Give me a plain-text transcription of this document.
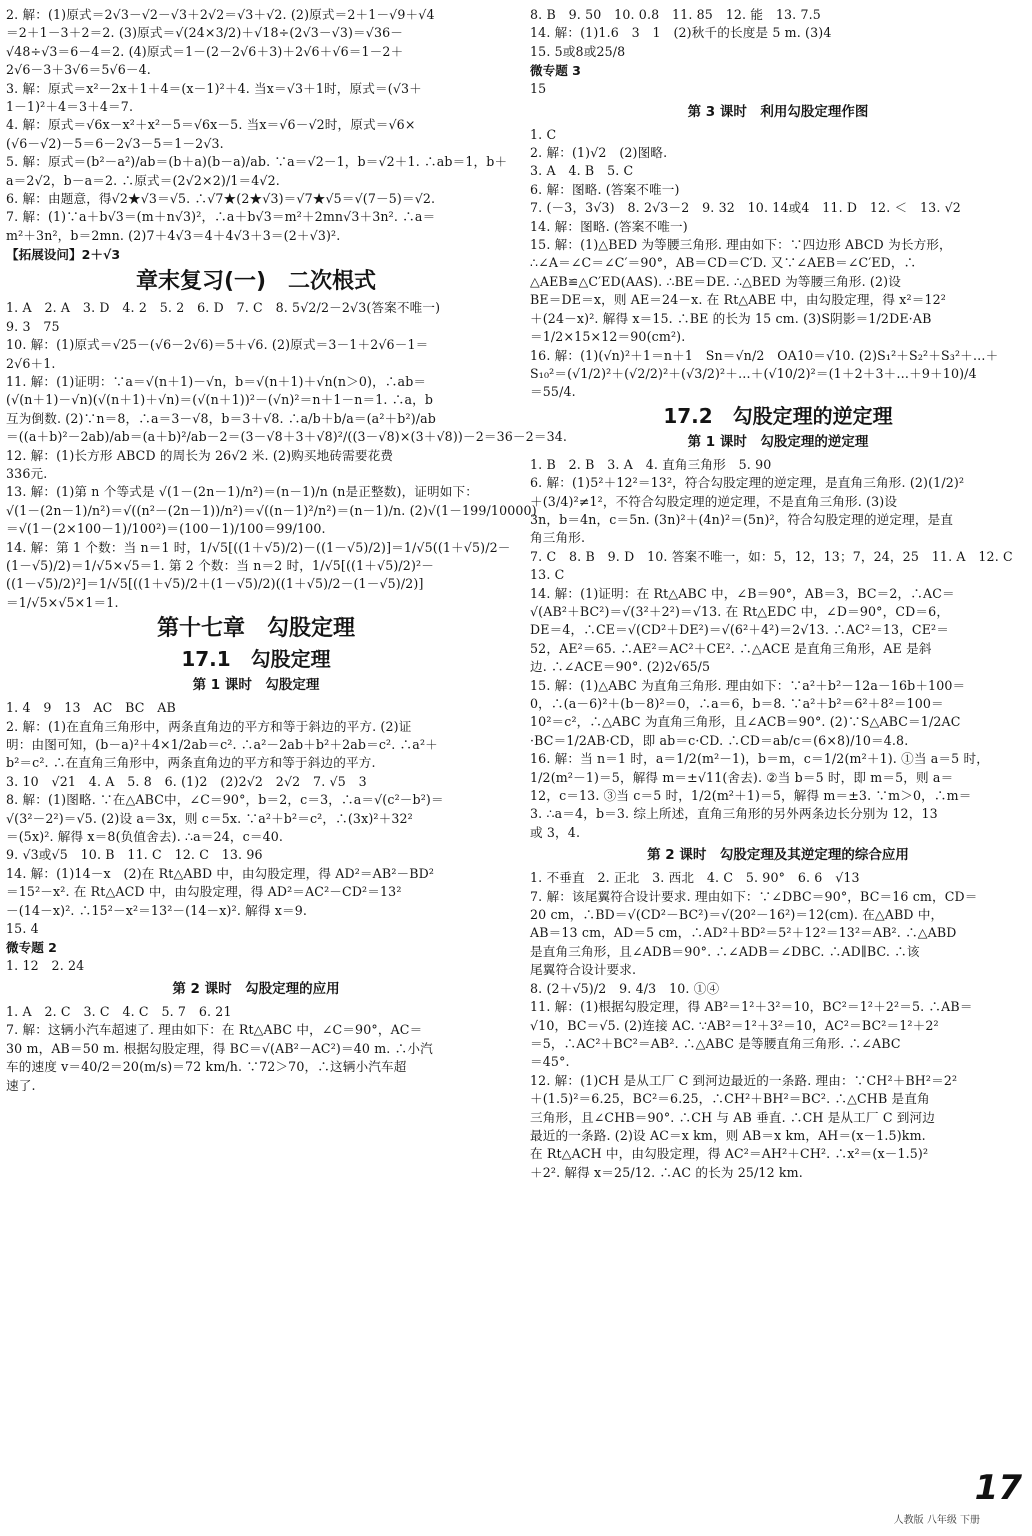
2. 解：(1)原式＝2√3－√2－√3＋2√2＝√3＋√2. (2)原式＝2＋1－√9＋√4
＝2＋1－3＋2＝2. (3)原式＝√(24×3/2)＋√18÷(2√3－√3)＝√36－
√48÷√3＝6－4＝2. (4)原式＝1－(2－2√6＋3)＋2√6＋√6＝1－2＋
2√6－3＋3√6＝5√6－4.
3. 解：原式＝x²－2x＋1＋4＝(x－1)²＋4. 当x＝√3＋1时，原式＝(√3＋
1－1)²＋4＝3＋4＝7.
4. 解：原式＝√6x－x²＋x²－5＝√6x－5. 当x＝√6－√2时，原式＝√6×
(√6－√2)－5＝6－2√3－5＝1－2√3.
5. 解：原式＝(b²－a²)/ab＝(b＋a)(b－a)/ab. ∵a＝√2－1，b＝√2＋1. ∴ab＝1，b＋
a＝2√2，b－a＝2. ∴原式＝(2√2×2)/1＝4√2.
6. 解：由题意，得√2★√3＝√5. ∴√7★(2★√3)＝√7★√5＝√(7－5)＝√2.
7. 解：(1)∵a＋b√3＝(m＋n√3)²，∴a＋b√3＝m²＋2mn√3＋3n². ∴a＝
m²＋3n²，b＝2mn. (2)7＋4√3＝4＋4√3＋3＝(2＋√3)².
【拓展设问】2＋√3
章末复习(一)　二次根式
1. A　2. A　3. D　4. 2　5. 2　6. D　7. C　8. 5√2/2－2√3(答案不唯一)
9. 3　75
10. 解：(1)原式＝√25－(√6－2√6)＝5＋√6. (2)原式＝3－1＋2√6－1＝
2√6＋1.
11. 解：(1)证明：∵a＝√(n＋1)－√n，b＝√(n＋1)＋√n(n＞0)，∴ab＝
(√(n＋1)－√n)(√(n＋1)＋√n)＝(√(n＋1))²－(√n)²＝n＋1－n＝1. ∴a，b
互为倒数. (2)∵n＝8，∴a＝3－√8，b＝3＋√8. ∴a/b＋b/a＝(a²＋b²)/ab
＝((a＋b)²－2ab)/ab＝(a＋b)²/ab－2＝(3－√8＋3＋√8)²/((3－√8)×(3＋√8))－2＝36－2＝34.
12. 解：(1)长方形 ABCD 的周长为 26√2 米. (2)购买地砖需要花费
336元.
13. 解：(1)第 n 个等式是 √(1－(2n－1)/n²)＝(n－1)/n (n是正整数)，证明如下：
√(1－(2n－1)/n²)＝√((n²－(2n－1))/n²)＝√((n－1)²/n²)＝(n－1)/n. (2)√(1－199/10000)
＝√(1－(2×100－1)/100²)＝(100－1)/100＝99/100.
14. 解：第 1 个数：当 n＝1 时，1/√5[((1＋√5)/2)－((1－√5)/2)]＝1/√5((1＋√5)/2－
(1－√5)/2)＝1/√5×√5＝1. 第 2 个数：当 n＝2 时，1/√5[((1＋√5)/2)²－
((1－√5)/2)²]＝1/√5[((1＋√5)/2＋(1－√5)/2)((1＋√5)/2－(1－√5)/2)]
＝1/√5×√5×1＝1.
第十七章　勾股定理
17.1　勾股定理
第 1 课时　勾股定理
1. 4　9　13　AC　BC　AB
2. 解：(1)在直角三角形中，两条直角边的平方和等于斜边的平方. (2)证
明：由图可知，(b－a)²＋4×1/2ab＝c². ∴a²－2ab＋b²＋2ab＝c². ∴a²＋
b²＝c². ∴在直角三角形中，两条直角边的平方和等于斜边的平方.
3. 10　√21　4. A　5. 8　6. (1)2　(2)2√2　2√2　7. √5　3
8. 解：(1)图略. ∵在△ABC中，∠C＝90°，b＝2，c＝3，∴a＝√(c²－b²)＝
√(3²－2²)＝√5. (2)设 a＝3x，则 c＝5x. ∵a²＋b²＝c²，∴(3x)²＋32²
＝(5x)². 解得 x＝8(负值舍去). ∴a＝24，c＝40.
9. √3或√5　10. B　11. C　12. C　13. 96
14. 解：(1)14－x　(2)在 Rt△ABD 中，由勾股定理，得 AD²＝AB²－BD²
＝15²－x². 在 Rt△ACD 中，由勾股定理，得 AD²＝AC²－CD²＝13²
－(14－x)². ∴15²－x²＝13²－(14－x)². 解得 x＝9.
15. 4
微专题 2
1. 12　2. 24
第 2 课时　勾股定理的应用
1. A　2. C　3. C　4. C　5. 7　6. 21
7. 解：这辆小汽车超速了. 理由如下：在 Rt△ABC 中，∠C＝90°，AC＝
30 m，AB＝50 m. 根据勾股定理，得 BC＝√(AB²－AC²)＝40 m. ∴小汽
车的速度 v＝40/2＝20(m/s)＝72 km/h. ∵72＞70，∴这辆小汽车超
速了.
8. B　9. 50　10. 0.8　11. 85　12. 能　13. 7.5
14. 解：(1)1.6　3　1　(2)秋千的长度是 5 m. (3)4
15. 5或8或25/8
微专题 3
15
第 3 课时　利用勾股定理作图
1. C
2. 解：(1)√2　(2)图略.
3. A　4. B　5. C
6. 解：图略. (答案不唯一)
7. (－3，3√3)　8. 2√3－2　9. 32　10. 14或4　11. D　12. ＜　13. √2
14. 解：图略. (答案不唯一)
15. 解：(1)△BED 为等腰三角形. 理由如下：∵四边形 ABCD 为长方形，
∴∠A＝∠C＝∠C′＝90°，AB＝CD＝C′D. 又∵∠AEB＝∠C′ED，∴
△AEB≌△C′ED(AAS). ∴BE＝DE. ∴△BED 为等腰三角形. (2)设
BE＝DE＝x，则 AE＝24－x. 在 Rt△ABE 中，由勾股定理，得 x²＝12²
＋(24－x)². 解得 x＝15. ∴BE 的长为 15 cm. (3)S阴影＝1/2DE·AB
＝1/2×15×12＝90(cm²).
16. 解：(1)(√n)²＋1＝n＋1　Sn＝√n/2　OA10＝√10. (2)S₁²＋S₂²＋S₃²＋…＋
S₁₀²＝(√1/2)²＋(√2/2)²＋(√3/2)²＋…＋(√10/2)²＝(1＋2＋3＋…＋9＋10)/4
＝55/4.
17.2　勾股定理的逆定理
第 1 课时　勾股定理的逆定理
1. B　2. B　3. A　4. 直角三角形　5. 90
6. 解：(1)5²＋12²＝13²，符合勾股定理的逆定理，是直角三角形. (2)(1/2)²
＋(3/4)²≠1²，不符合勾股定理的逆定理，不是直角三角形. (3)设
3n，b＝4n，c＝5n. (3n)²＋(4n)²＝(5n)²，符合勾股定理的逆定理，是直
角三角形.
7. C　8. B　9. D　10. 答案不唯一，如：5，12，13；7，24，25　11. A　12. C
13. C
14. 解：(1)证明：在 Rt△ABC 中，∠B＝90°，AB＝3，BC＝2，∴AC＝
√(AB²＋BC²)＝√(3²＋2²)＝√13. 在 Rt△EDC 中，∠D＝90°，CD＝6，
DE＝4，∴CE＝√(CD²＋DE²)＝√(6²＋4²)＝2√13. ∴AC²＝13，CE²＝
52，AE²＝65. ∴AE²＝AC²＋CE². ∴△ACE 是直角三角形，AE 是斜
边. ∴∠ACE＝90°. (2)2√65/5
15. 解：(1)△ABC 为直角三角形. 理由如下：∵a²＋b²－12a－16b＋100＝
0，∴(a－6)²＋(b－8)²＝0，∴a＝6，b＝8. ∵a²＋b²＝6²＋8²＝100＝
10²＝c²，∴△ABC 为直角三角形，且∠ACB＝90°. (2)∵S△ABC＝1/2AC
·BC＝1/2AB·CD，即 ab＝c·CD. ∴CD＝ab/c＝(6×8)/10＝4.8.
16. 解：当 n＝1 时，a＝1/2(m²－1)，b＝m，c＝1/2(m²＋1). ①当 a＝5 时，
1/2(m²－1)＝5，解得 m＝±√11(舍去). ②当 b＝5 时，即 m＝5，则 a＝
12，c＝13. ③当 c＝5 时，1/2(m²＋1)＝5，解得 m＝±3. ∵m＞0，∴m＝
3. ∴a＝4，b＝3. 综上所述，直角三角形的另外两条边长分别为 12，13
或 3，4.
第 2 课时　勾股定理及其逆定理的综合应用
1. 不垂直　2. 正北　3. 西北　4. C　5. 90°　6. 6　√13
7. 解：该尾翼符合设计要求. 理由如下：∵∠DBC＝90°，BC＝16 cm，CD＝
20 cm，∴BD＝√(CD²－BC²)＝√(20²－16²)＝12(cm). 在△ABD 中，
AB＝13 cm，AD＝5 cm，∴AD²＋BD²＝5²＋12²＝13²＝AB². ∴△ABD
是直角三角形，且∠ADB＝90°. ∴∠ADB＝∠DBC. ∴AD∥BC. ∴该
尾翼符合设计要求.
8. (2＋√5)/2　9. 4/3　10. ①④
11. 解：(1)根据勾股定理，得 AB²＝1²＋3²＝10，BC²＝1²＋2²＝5. ∴AB＝
√10，BC＝√5. (2)连接 AC. ∵AB²＝1²＋3²＝10，AC²＝BC²＝1²＋2²
＝5，∴AC²＋BC²＝AB². ∴△ABC 是等腰直角三角形. ∴∠ABC
＝45°.
12. 解：(1)CH 是从工厂 C 到河边最近的一条路. 理由：∵CH²＋BH²＝2²
＋(1.5)²＝6.25，BC²＝6.25，∴CH²＋BH²＝BC². ∴△CHB 是直角
三角形，且∠CHB＝90°. ∴CH 与 AB 垂直. ∴CH 是从工厂 C 到河边
最近的一条路. (2)设 AC＝x km，则 AB＝x km，AH＝(x－1.5)km.
在 Rt△ACH 中，由勾股定理，得 AC²＝AH²＋CH². ∴x²＝(x－1.5)²
＋2². 解得 x＝25/12. ∴AC 的长为 25/12 km.
人教版 八年级 下册
17
